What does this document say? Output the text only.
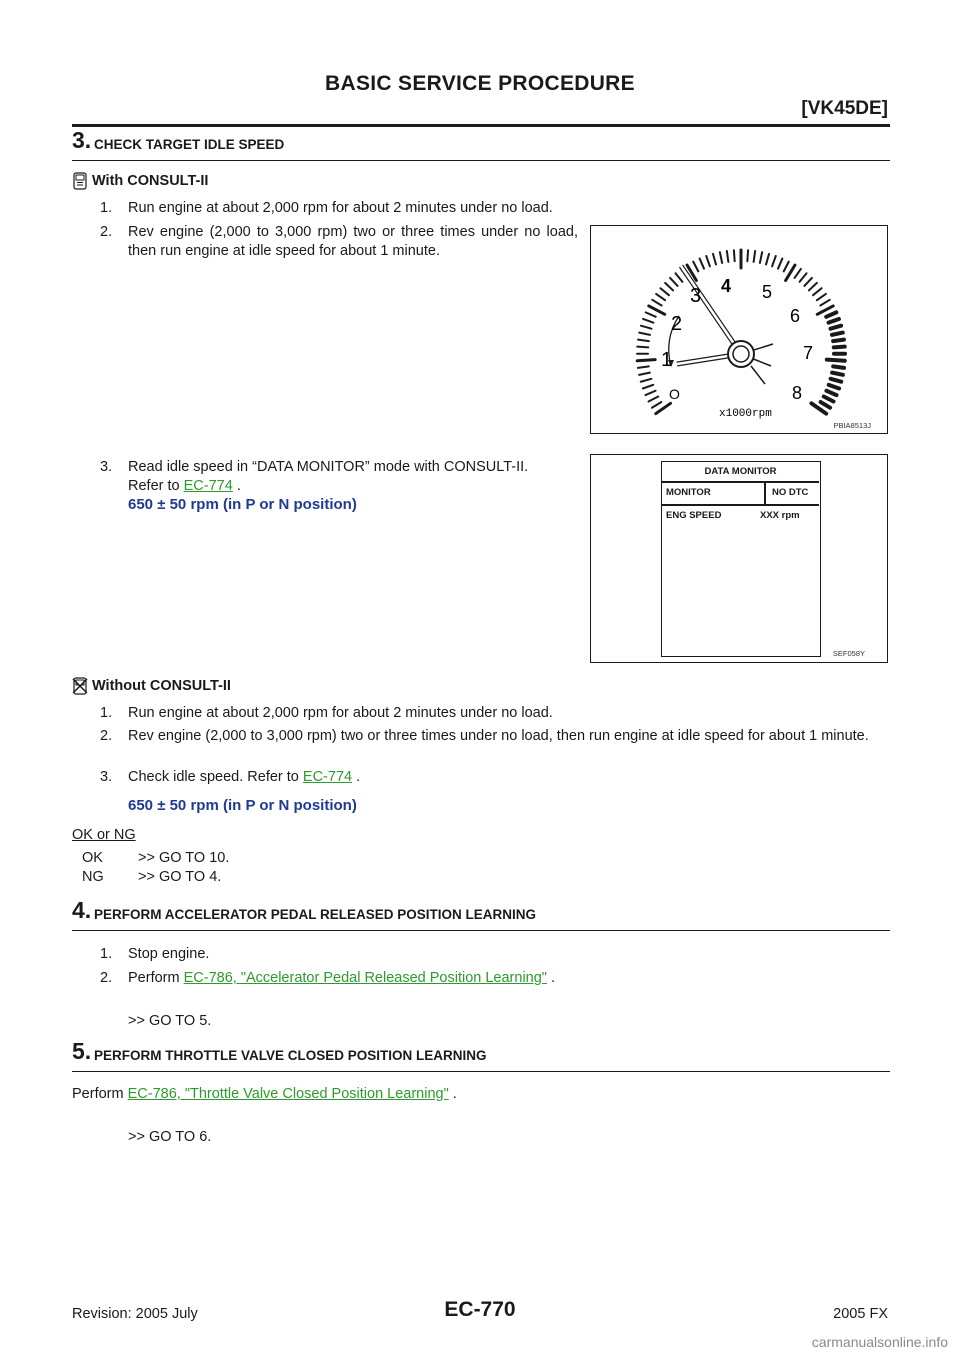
BASIC SERVICE PROCEDURE
[VK45DE]
3. CHECK TARGET IDLE SPEED
With CONSULT-II
1. Run engine at about 2,000 rpm for about 2 minutes under no load.
2. Rev engine (2,000 to 3,000 rpm) two or three times under no load, then run engine at idle speed for about 1 minute.
3. Read idle speed in “DATA MONITOR” mode with CONSULT-II.
Refer to EC-774 .
650 ± 50 rpm (in P or N position)
O
1
2
3 4 5
6
7
8
x1000rpm
PBIA8513J
DATA MONITOR
MONITOR	NO DTC
ENG SPEED	XXX rpm
SEF058Y
Without CONSULT-II
1. Run engine at about 2,000 rpm for about 2 minutes under no load.
2. Rev engine (2,000 to 3,000 rpm) two or three times under no load, then run engine at idle speed for about 1 minute.
3. Check idle speed. Refer to EC-774 .
650 ± 50 rpm (in P or N position)
OK or NG
OK >> GO TO 10.
NG >> GO TO 4.
4. PERFORM ACCELERATOR PEDAL RELEASED POSITION LEARNING
1. Stop engine.
2. Perform EC-786, "Accelerator Pedal Released Position Learning" .
>> GO TO 5.
5. PERFORM THROTTLE VALVE CLOSED POSITION LEARNING
Perform EC-786, "Throttle Valve Closed Position Learning" .
>> GO TO 6.
Revision: 2005 July	EC-770	2005 FX
carmanualsonline.info
